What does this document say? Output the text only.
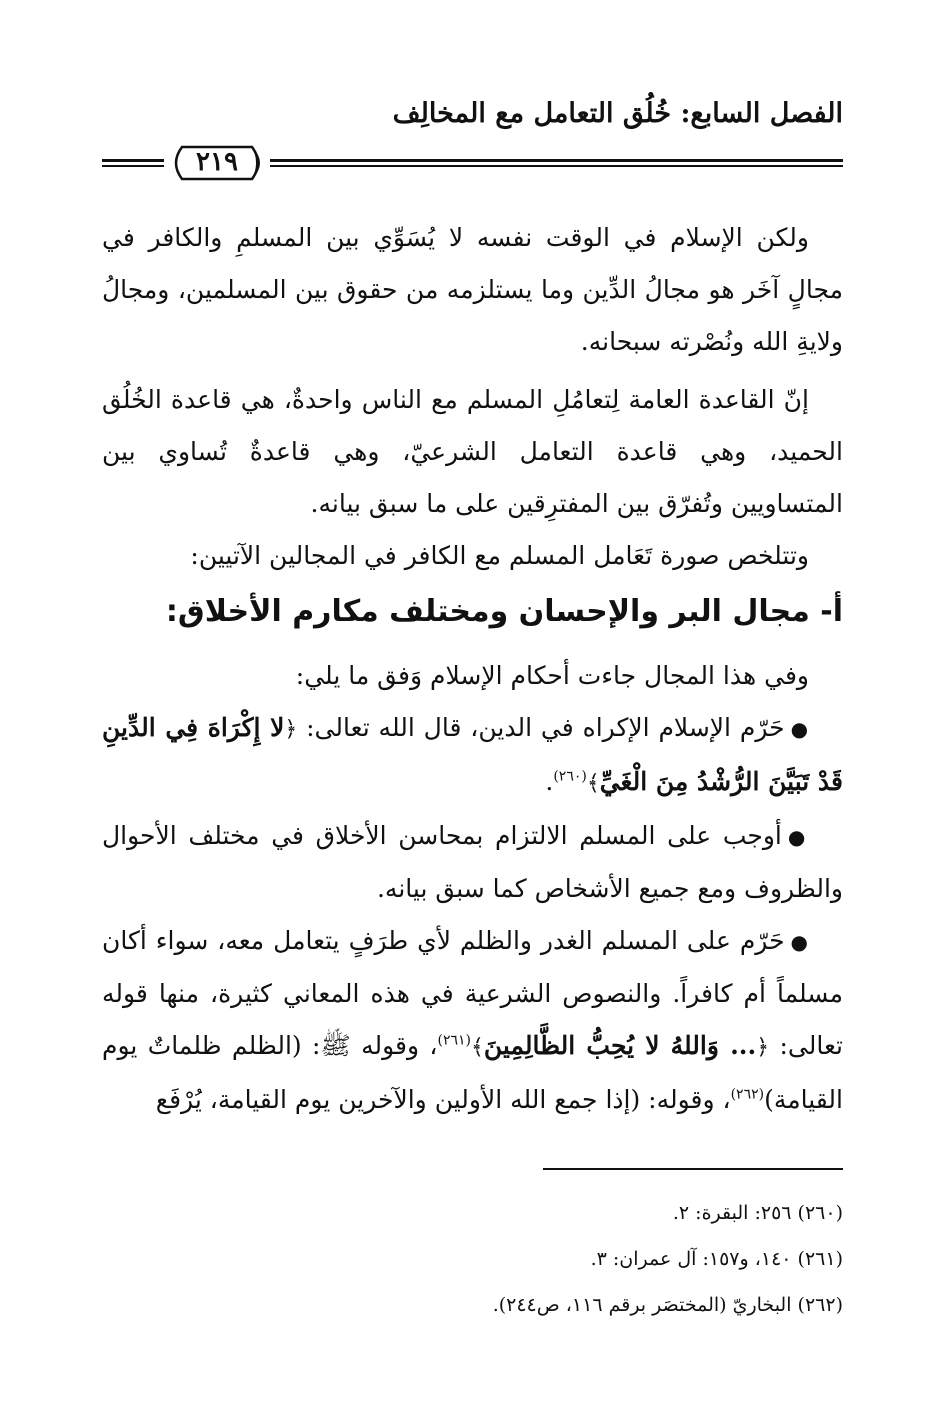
الفصل السابع: خُلُق التعامل مع المخالِف
٢١٩

ولكن الإسلام في الوقت نفسه لا يُسَوِّي بين المسلمِ والكافر في مجالٍ آخَر هو مجالُ الدِّين وما يستلزمه من حقوق بين المسلمين، ومجالُ ولايةِ الله ونُصْرته سبحانه.

إنّ القاعدة العامة لِتعامُلِ المسلم مع الناس واحدةٌ، هي قاعدة الخُلُق الحميد، وهي قاعدة التعامل الشرعيّ، وهي قاعدةٌ تُساوي بين المتساويين وتُفرّق بين المفترِقين على ما سبق بيانه.

وتتلخص صورة تَعَامل المسلم مع الكافر في المجالين الآتيين:

أ- مجال البر والإحسان ومختلف مكارم الأخلاق:

وفي هذا المجال جاءت أحكام الإسلام وَفق ما يلي:

●حَرّم الإسلام الإكراه في الدين، قال الله تعالى: ﴿لا إِكْرَاهَ فِي الدِّينِ قَدْ تَبَيَّنَ الرُّشْدُ مِنَ الْغَيِّ﴾$^{(٢٦٠)}$.

●أوجب على المسلم الالتزام بمحاسن الأخلاق في مختلف الأحوال والظروف ومع جميع الأشخاص كما سبق بيانه.

●حَرّم على المسلم الغدر والظلم لأي طرَفٍ يتعامل معه، سواء أكان مسلماً أم كافراً. والنصوص الشرعية في هذه المعاني كثيرة، منها قوله تعالى: ﴿... وَاللهُ لا يُحِبُّ الظَّالِمِينَ﴾$^{(٢٦١)}$، وقوله ﷺ: (الظلم ظلماتٌ يوم القيامة)$^{(٢٦٢)}$، وقوله: (إذا جمع الله الأولين والآخرين يوم القيامة، يُرْفَع

(٢٦٠) ٢٥٦: البقرة: ٢.
(٢٦١) ١٤٠، و١٥٧: آل عمران: ٣.
(٢٦٢) البخاريّ (المختصَر برقم ١١٦، ص٢٤٤).
